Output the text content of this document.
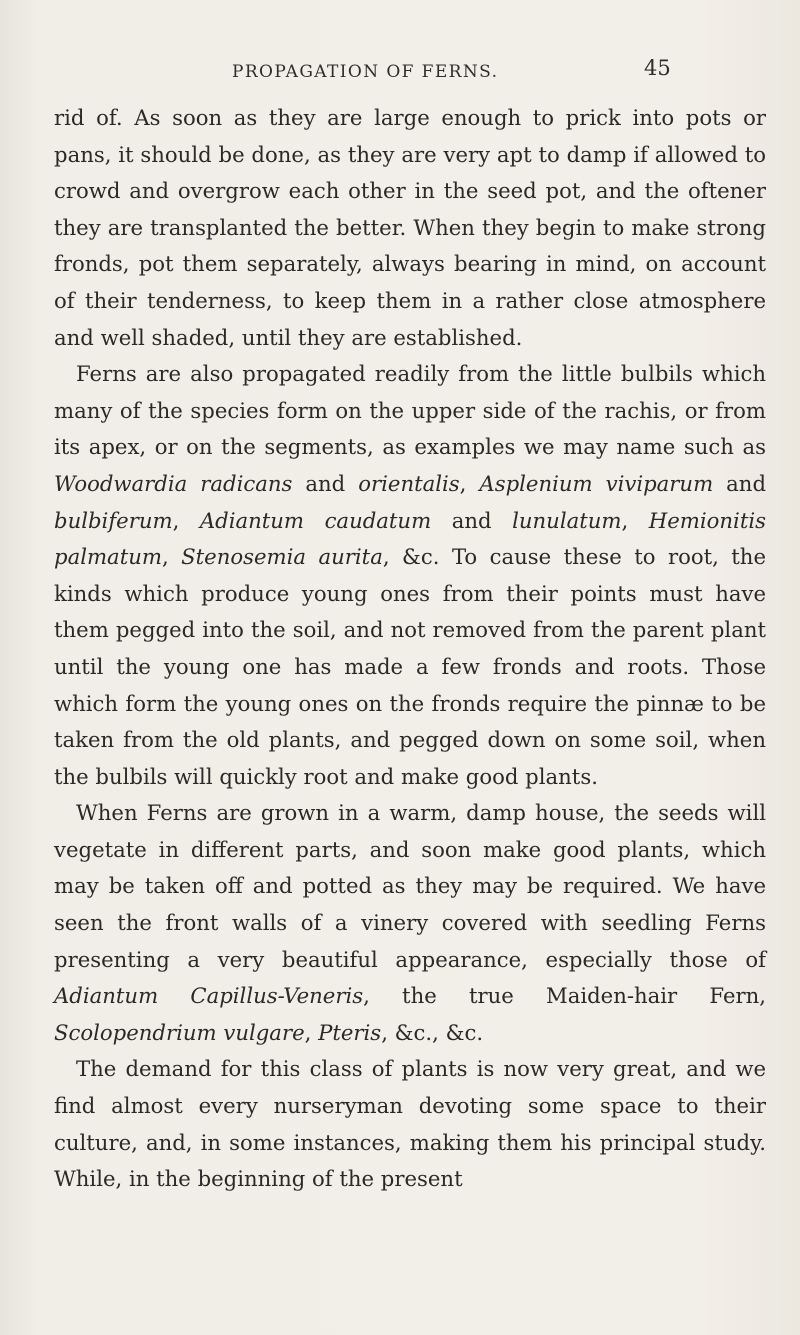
PROPAGATION OF FERNS.	45

rid of. As soon as they are large enough to prick into pots or pans, it should be done, as they are very apt to damp if allowed to crowd and overgrow each other in the seed pot, and the oftener they are transplanted the better. When they begin to make strong fronds, pot them separately, always bearing in mind, on account of their tenderness, to keep them in a rather close atmosphere and well shaded, until they are established.

Ferns are also propagated readily from the little bulbils which many of the species form on the upper side of the rachis, or from its apex, or on the segments, as examples we may name such as Woodwardia radicans and orientalis, Asplenium viviparum and bulbiferum, Adiantum caudatum and lunulatum, Hemionitis palmatum, Stenosemia aurita, &c. To cause these to root, the kinds which produce young ones from their points must have them pegged into the soil, and not removed from the parent plant until the young one has made a few fronds and roots. Those which form the young ones on the fronds require the pinnæ to be taken from the old plants, and pegged down on some soil, when the bulbils will quickly root and make good plants.

When Ferns are grown in a warm, damp house, the seeds will vegetate in different parts, and soon make good plants, which may be taken off and potted as they may be required. We have seen the front walls of a vinery covered with seedling Ferns presenting a very beautiful appearance, especially those of Adiantum Capillus-Veneris, the true Maiden-hair Fern, Scolopendrium vulgare, Pteris, &c., &c.

The demand for this class of plants is now very great, and we find almost every nurseryman devoting some space to their culture, and, in some instances, making them his principal study. While, in the beginning of the present
